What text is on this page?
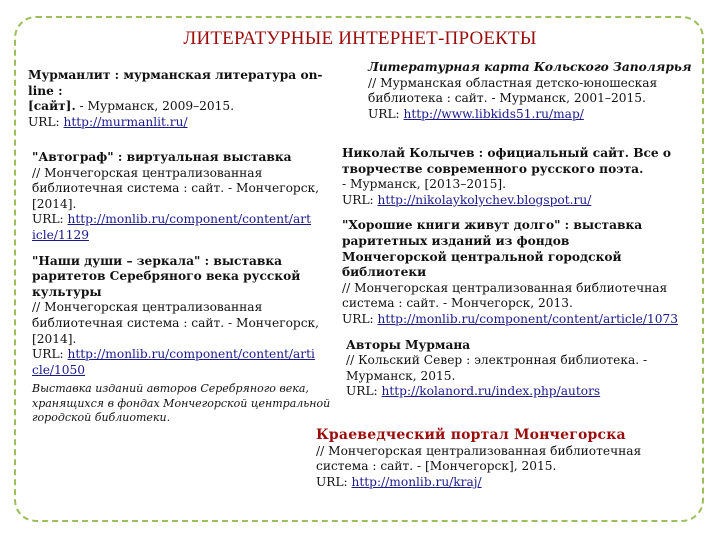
ЛИТЕРАТУРНЫЕ ИНТЕРНЕТ-ПРОЕКТЫ

Мурманлит : мурманская литература on-

line :

[сайт]. - Мурманск, 2009–2015.

URL: http://murmanlit.ru/

"Автограф" : виртуальная выставка

// Мончегорская централизованная

библиотечная система : сайт. - Мончегорск,

[2014].

URL: http://monlib.ru/component/content/art

icle/1129

"Наши души – зеркала" : выставка

раритетов Серебряного века русской

культуры

// Мончегорская централизованная

библиотечная система : сайт. - Мончегорск,

[2014].

URL: http://monlib.ru/component/content/arti

cle/1050

Выставка изданий авторов Серебряного века,

хранящихся в фондах Мончегорской центральной

городской библиотеки.

Литературная карта Кольского Заполярья

// Мурманская областная детско-юношеская

библиотека : сайт. - Мурманск, 2001–2015.

URL: http://www.libkids51.ru/map/

Николай Колычев : официальный сайт. Все о

творчестве современного русского поэта.

- Мурманск, [2013–2015].

URL: http://nikolaykolychev.blogspot.ru/

"Хорошие книги живут долго" : выставка

раритетных изданий из фондов

Мончегорской центральной городской

библиотеки

// Мончегорская централизованная библиотечная

система : сайт. - Мончегорск, 2013.

URL: http://monlib.ru/component/content/article/1073

Авторы Мурмана

// Кольский Север : электронная библиотека. -

Мурманск, 2015.

URL: http://kolanord.ru/index.php/autors

Краеведческий портал Мончегорска

// Мончегорская централизованная библиотечная

система : сайт. - [Мончегорск], 2015.

URL: http://monlib.ru/kraj/
